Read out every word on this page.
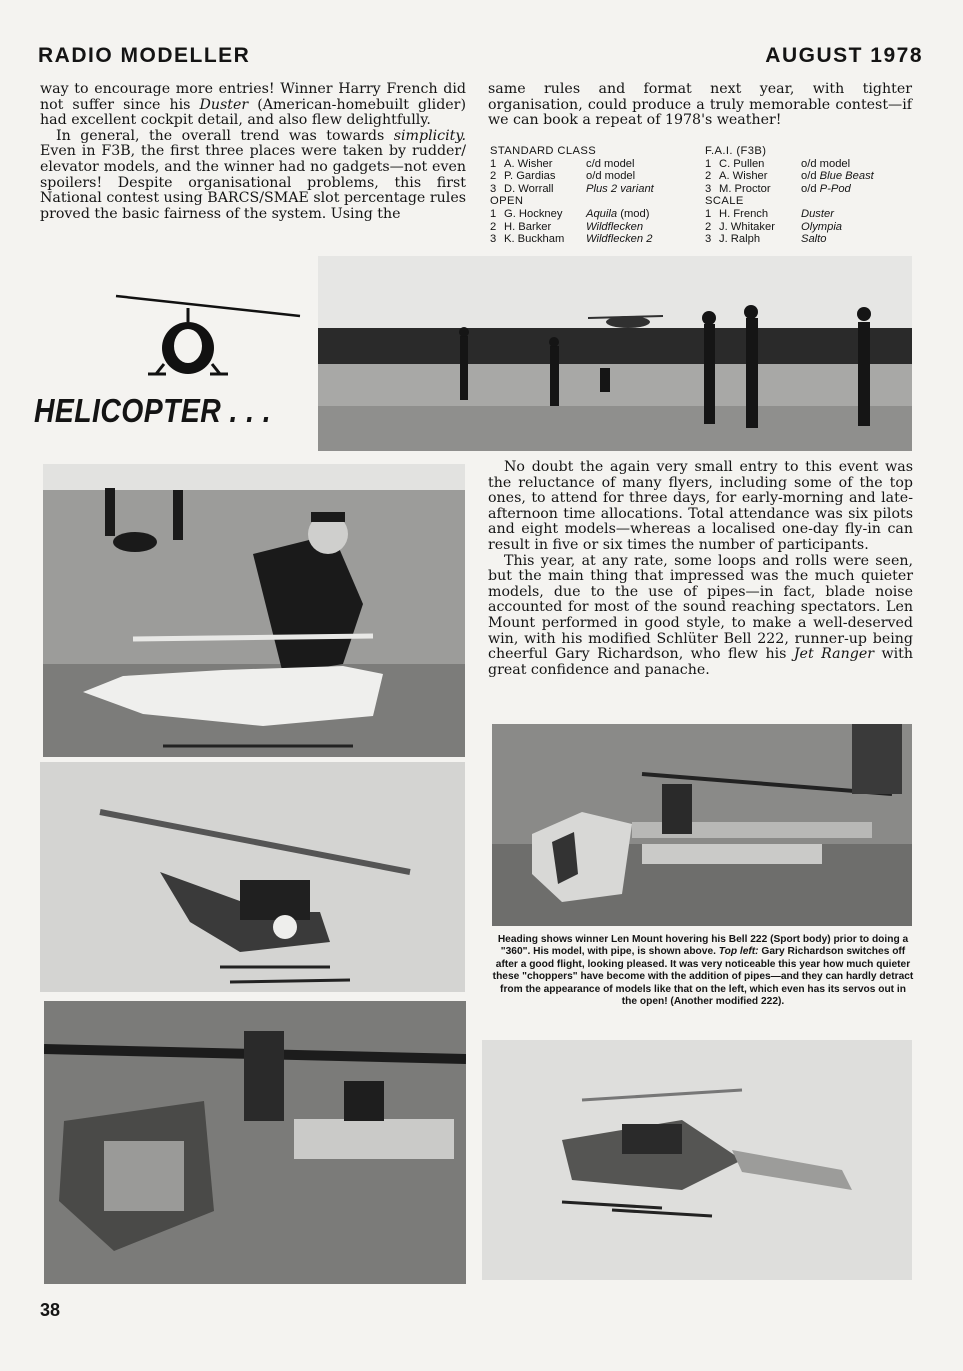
RADIO MODELLER	AUGUST 1978

way to encourage more entries! Winner Harry French did not suffer since his Duster (American-homebuilt glider) had excellent cockpit detail, and also flew delightfully.

In general, the overall trend was towards simplicity. Even in F3B, the first three places were taken by rudder/ elevator models, and the winner had no gadgets—not even spoilers! Despite organisational problems, this first National contest using BARCS/SMAE slot percentage rules proved the basic fairness of the system. Using the

same rules and format next year, with tighter organisation, could produce a truly memorable contest—if we can book a repeat of 1978's weather!

STANDARD CLASS
1 A. Wisher	c/d model
2 P. Gardias	o/d model
3 D. Worrall	Plus 2 variant
OPEN
1 G. Hockney	Aquila (mod)
2 H. Barker	Wildflecken
3 K. Buckham	Wildflecken 2
F.A.I. (F3B)
1 C. Pullen	o/d model
2 A. Wisher	o/d Blue Beast
3 M. Proctor	o/d P-Pod
SCALE
1 H. French	Duster
2 J. Whitaker	Olympia
3 J. Ralph	Salto
HELICOPTER . . .

No doubt the again very small entry to this event was the reluctance of many flyers, including some of the top ones, to attend for three days, for early-morning and late-afternoon time allocations. Total attendance was six pilots and eight models—whereas a localised one-day fly-in can result in five or six times the number of participants.

This year, at any rate, some loops and rolls were seen, but the main thing that impressed was the much quieter models, due to the use of pipes—in fact, blade noise accounted for most of the sound reaching spectators. Len Mount performed in good style, to make a well-deserved win, with his modified Schlüter Bell 222, runner-up being cheerful Gary Richardson, who flew his Jet Ranger with great confidence and panache.

Heading shows winner Len Mount hovering his Bell 222 (Sport body) prior to doing a "360". His model, with pipe, is shown above. Top left: Gary Richardson switches off after a good flight, looking pleased. It was very noticeable this year how much quieter these "choppers" have become with the addition of pipes—and they can hardly detract from the appearance of models like that on the left, which even has its servos out in the open! (Another modified 222).
38
